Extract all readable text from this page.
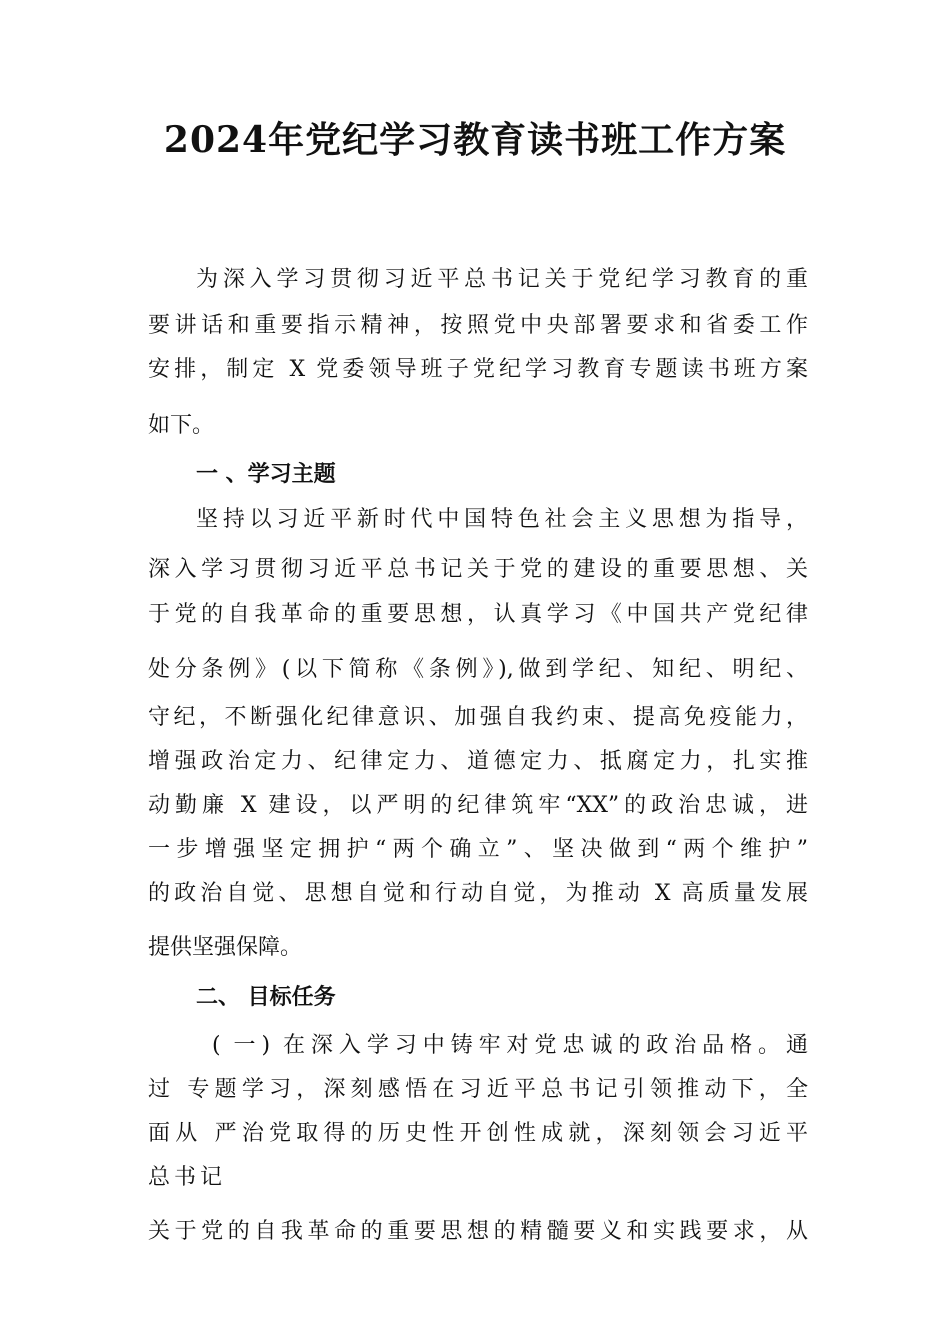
2024年党纪学习教育读书班工作方案
为深入学习贯彻习近平总书记关于党纪学习教育的重
要讲话和重要指示精神，按照党中央部署要求和省委工作
安排，制定 X 党委领导班子党纪学习教育专题读书班方案
如下。
一 、学习主题
坚持以习近平新时代中国特色社会主义思想为指导，
深入学习贯彻习近平总书记关于党的建设的重要思想、关
于党的自我革命的重要思想，认真学习《中国共产党纪律
处分条例》(以下简称《条例》),做到学纪、知纪、明纪、
守纪，不断强化纪律意识、加强自我约束、提高免疫能力，
增强政治定力、纪律定力、道德定力、抵腐定力，扎实推
动勤廉 X 建设，以严明的纪律筑牢“XX”的政治忠诚，进
一步增强坚定拥护“两个确立”、坚决做到“两个维护”
的政治自觉、思想自觉和行动自觉，为推动 X 高质量发展
提供坚强保障。
二、 目标任务
( 一) 在深入学习中铸牢对党忠诚的政治品格。通
过 专题学习，深刻感悟在习近平总书记引领推动下，全
面从 严治党取得的历史性开创性成就，深刻领会习近平
总书记
关于党的自我革命的重要思想的精髓要义和实践要求，从
